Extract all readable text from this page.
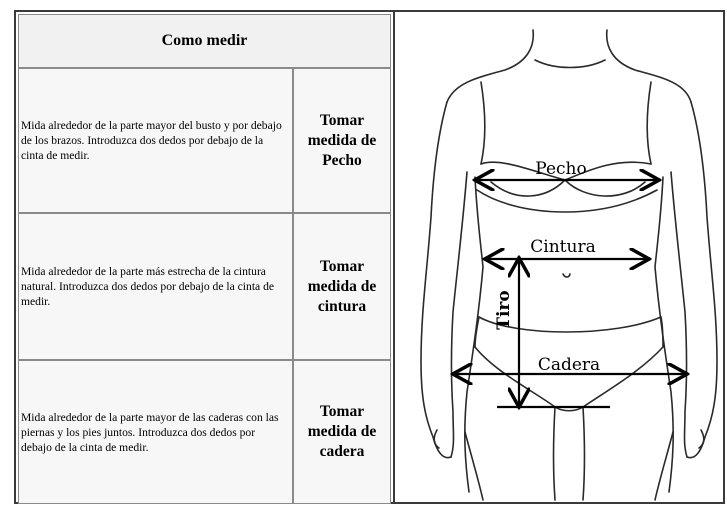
Como medir
Mida alrededor de la parte mayor del busto y por debajo de los brazos. Introduzca dos dedos por debajo de la cinta de medir.
Tomar medida de Pecho
Mida alrededor de la parte más estrecha de la cintura natural. Introduzca dos dedos por debajo de la cinta de medir.
Tomar medida de cintura
Mida alrededor de la parte mayor de las caderas con las piernas y los pies juntos. Introduzca dos dedos por debajo de la cinta de medir.
Tomar medida de cadera
Pecho
Cintura
Cadera
Tiro
